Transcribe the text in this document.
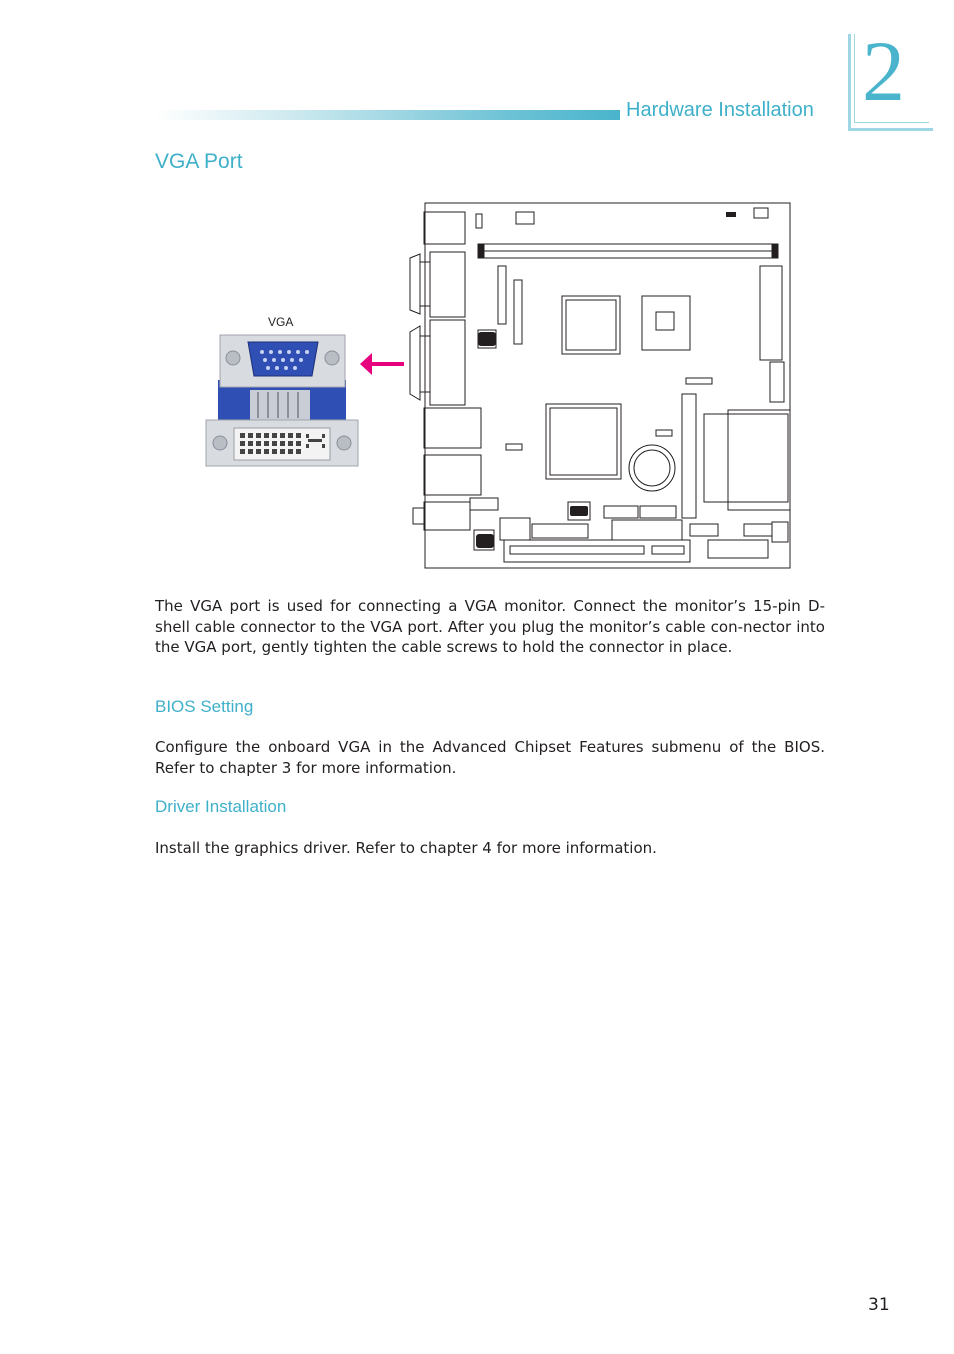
Hardware Installation 2
VGA Port
VGA
The VGA port is used for connecting a VGA monitor. Connect the monitor’s 15-pin D-shell cable connector to the VGA port. After you plug the monitor’s cable con-nector into the VGA port, gently tighten the cable screws to hold the connector in place.
BIOS Setting
Configure the onboard VGA in the Advanced Chipset Features submenu of the BIOS. Refer to chapter 3 for more information.
Driver Installation
Install the graphics driver. Refer to chapter 4 for more information.
31
